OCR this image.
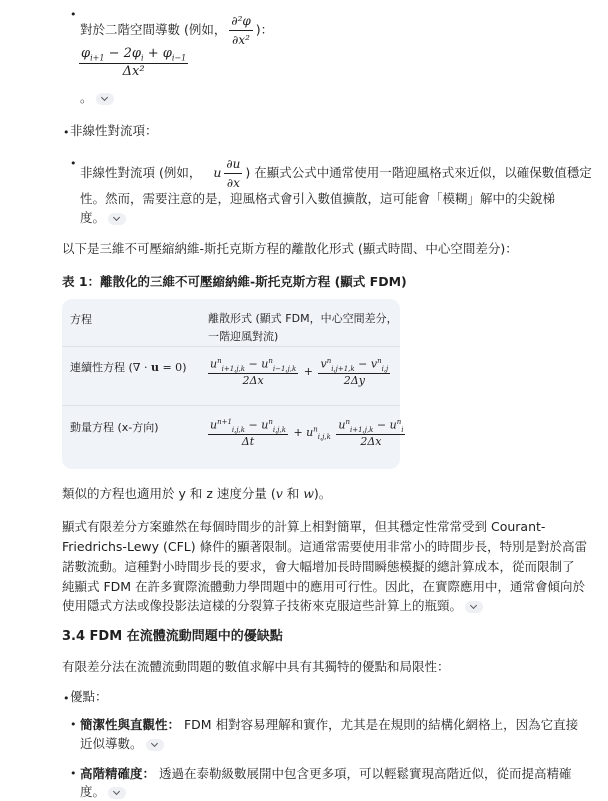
•
對於二階空間導數 (例如， $\frac{\text{∂²φ}}{\text{∂x²}}$ )：
$\frac{\varphi_{i+1} - 2\varphi_i + \varphi_{i-1}}{\text{Δx²}}$
。
• 非線性對流項：
•
非線性對流項 (例如， u $\frac{\partial u}{\partial x}$ ) 在顯式公式中通常使用一階迎風格式來近似，以確保數值穩定
性。然而，需要注意的是，迎風格式會引入數值擴散，這可能會「模糊」解中的尖銳梯
度。
以下是三維不可壓縮納維-斯托克斯方程的離散化形式 (顯式時間、中心空間差分)：
表 1：離散化的三維不可壓縮納維-斯托克斯方程 (顯式 FDM)
方程	離散形式 (顯式 FDM，中心空間差分，
一階迎風對流)
連續性方程 (∇ · $u = 0) \frac{u^n_{i+1,j,k} - u^n_{i-1,j,k}}{2\Delta x} + \frac{v^n_{i,j+1,k} - v^n_{i,j}}{2\Delta y}$
動量方程 (x-方向)	$\frac{u^{n+1}_{i,j,k} - u^n_{i,j,k}}{\Delta t} + u^n_{i,j,k} \frac{u^n_{i+1,j,k} - u^n_i}{2\Delta x}$
類似的方程也適用於 y 和 z 速度分量 (v 和 w)。
顯式有限差分方案雖然在每個時間步的計算上相對簡單，但其穩定性常常受到 Courant-
Friedrichs-Lewy (CFL) 條件的顯著限制。這通常需要使用非常小的時間步長，特別是對於高雷
諾數流動。這種對小時間步長的要求，會大幅增加長時間瞬態模擬的總計算成本，從而限制了
純顯式 FDM 在許多實際流體動力學問題中的應用可行性。因此，在實際應用中，通常會傾向於
使用隱式方法或像投影法這樣的分裂算子技術來克服這些計算上的瓶頸。
3.4 FDM 在流體流動問題中的優缺點
有限差分法在流體流動問題的數值求解中具有其獨特的優點和局限性：
• 優點：
• 簡潔性與直觀性： FDM 相對容易理解和實作，尤其是在規則的結構化網格上，因為它直接
近似導數。
• 高階精確度： 透過在泰勒級數展開中包含更多項，可以輕鬆實現高階近似，從而提高精確
度。
